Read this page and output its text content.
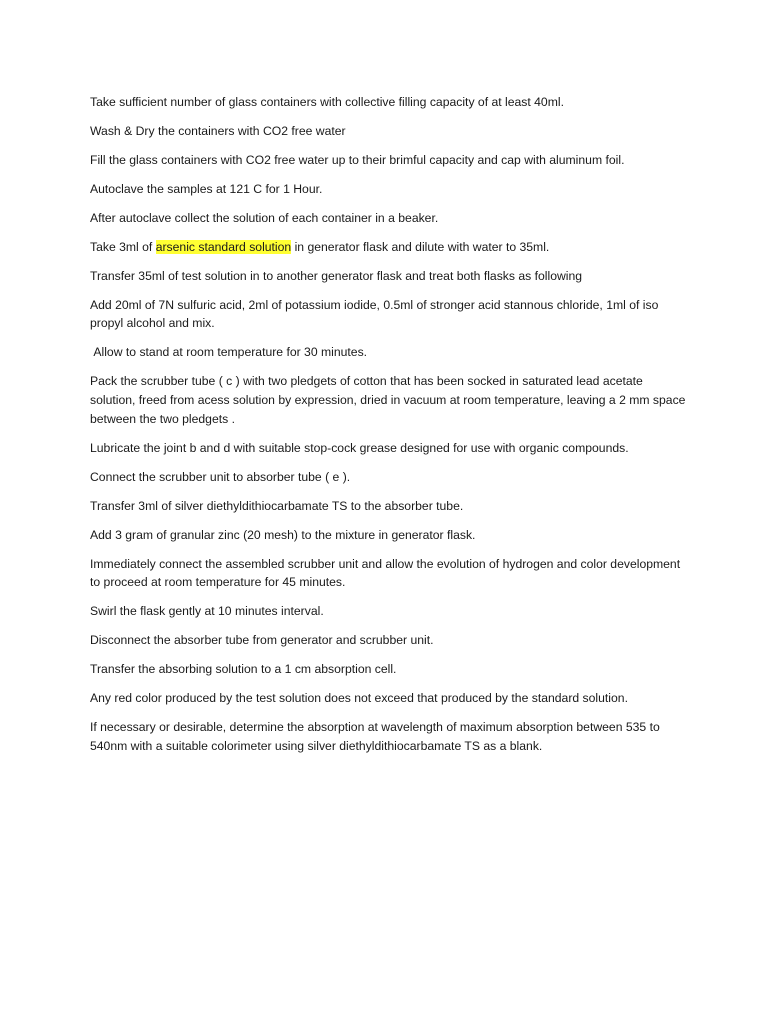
Take sufficient number of glass containers with collective filling capacity of at least 40ml.

Wash & Dry the containers with CO2 free water

Fill the glass containers with CO2 free water up to their brimful capacity and cap with aluminum foil.

Autoclave the samples at 121 C for 1 Hour.

After autoclave collect the solution of each container in a beaker.

Take 3ml of arsenic standard solution in generator flask and dilute with water to 35ml.

Transfer 35ml of test solution in to another generator flask and treat both flasks as following

Add 20ml of 7N sulfuric acid, 2ml of potassium iodide, 0.5ml of stronger acid stannous chloride, 1ml of iso propyl alcohol and mix.

Allow to stand at room temperature for 30 minutes.

Pack the scrubber tube ( c ) with two pledgets of cotton that has been socked in saturated lead acetate solution, freed from acess solution by expression, dried in vacuum at room temperature, leaving a 2 mm space between the two pledgets .

Lubricate the joint b and d with suitable stop-cock grease designed for use with organic compounds.

Connect the scrubber unit to absorber tube ( e ).

Transfer 3ml of silver diethyldithiocarbamate TS to the absorber tube.

Add 3 gram of granular zinc (20 mesh) to the mixture in generator flask.

Immediately connect the assembled scrubber unit and allow the evolution of hydrogen and color development to proceed at room temperature for 45 minutes.

Swirl the flask gently at 10 minutes interval.

Disconnect the absorber tube from generator and scrubber unit.

Transfer the absorbing solution to a 1 cm absorption cell.

Any red color produced by the test solution does not exceed that produced by the standard solution.

If necessary or desirable, determine the absorption at wavelength of maximum absorption between 535 to 540nm with a suitable colorimeter using silver diethyldithiocarbamate TS as a blank.
